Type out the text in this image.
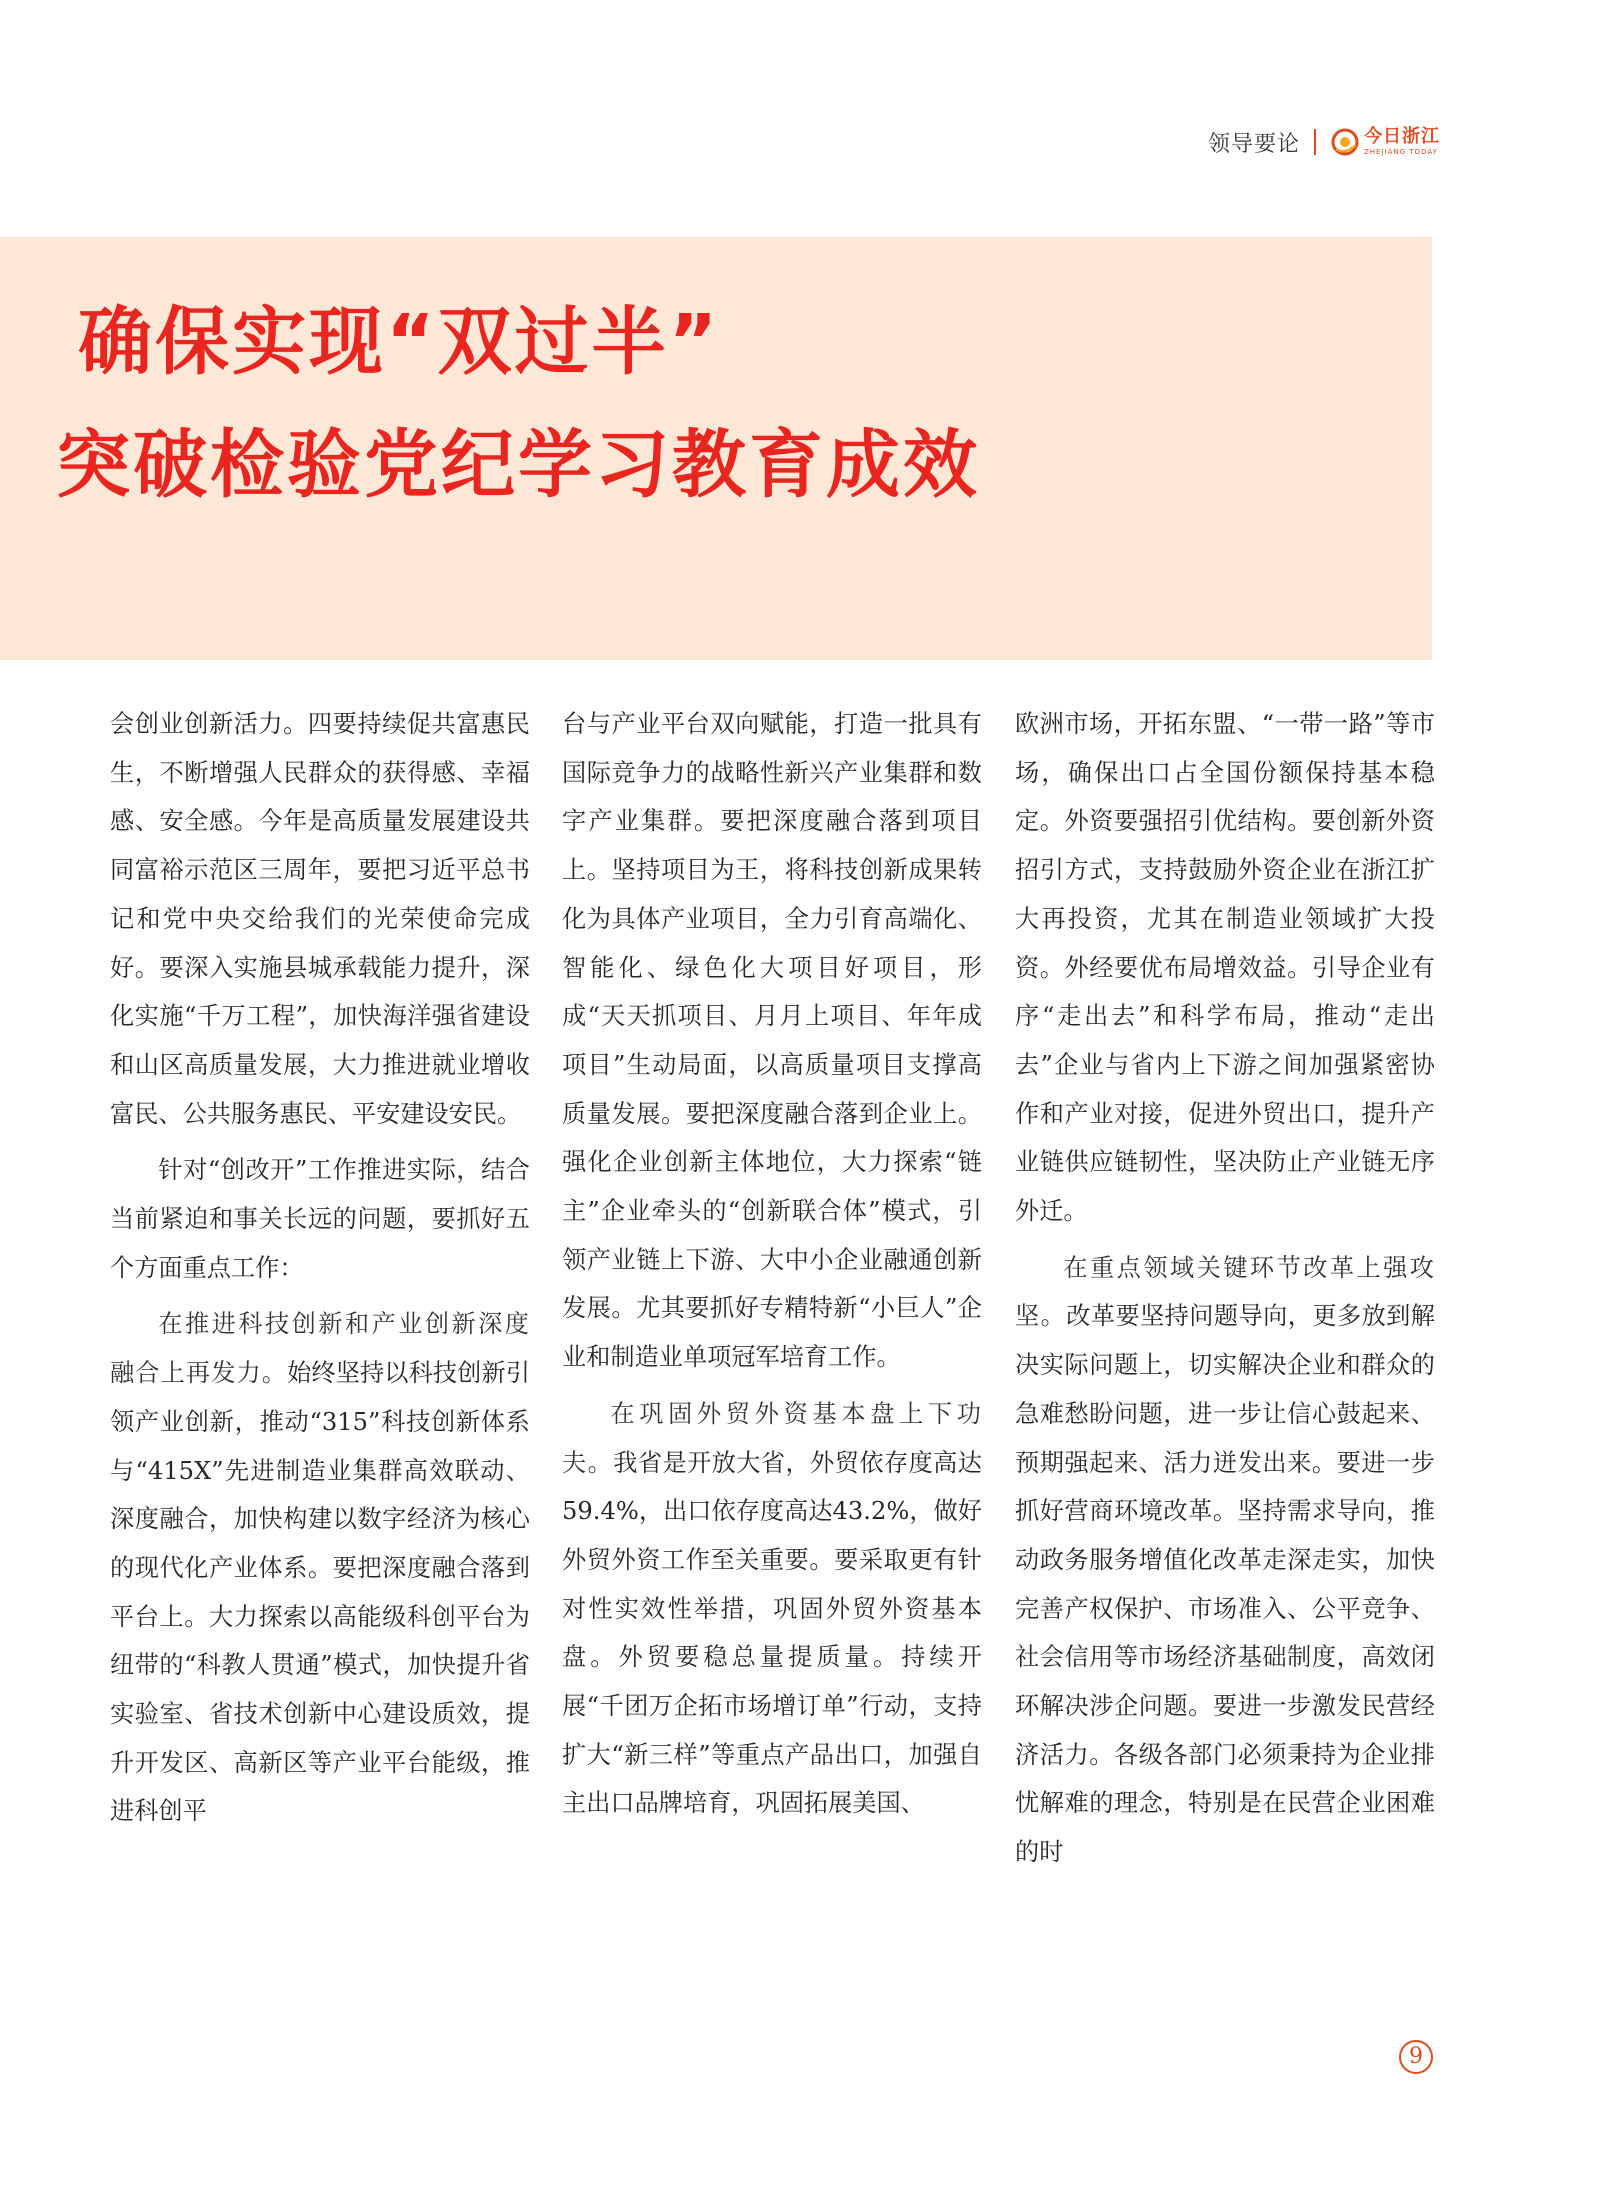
领导要论	今日浙江
ZHEJIANG TODAY
确保实现“双过半”
突破检验党纪学习教育成效

会创业创新活力。四要持续促共富惠民生，不断增强人民群众的获得感、幸福感、安全感。今年是高质量发展建设共同富裕示范区三周年，要把习近平总书记和党中央交给我们的光荣使命完成好。要深入实施县城承载能力提升，深化实施“千万工程”，加快海洋强省建设和山区高质量发展，大力推进就业增收富民、公共服务惠民、平安建设安民。

针对“创改开”工作推进实际，结合当前紧迫和事关长远的问题，要抓好五个方面重点工作：

在推进科技创新和产业创新深度融合上再发力。始终坚持以科技创新引领产业创新，推动“315”科技创新体系与“415X”先进制造业集群高效联动、深度融合，加快构建以数字经济为核心的现代化产业体系。要把深度融合落到平台上。大力探索以高能级科创平台为纽带的“科教人贯通”模式，加快提升省实验室、省技术创新中心建设质效，提升开发区、高新区等产业平台能级，推进科创平

台与产业平台双向赋能，打造一批具有国际竞争力的战略性新兴产业集群和数字产业集群。要把深度融合落到项目上。坚持项目为王，将科技创新成果转化为具体产业项目，全力引育高端化、智能化、绿色化大项目好项目，形成“天天抓项目、月月上项目、年年成项目”生动局面，以高质量项目支撑高质量发展。要把深度融合落到企业上。强化企业创新主体地位，大力探索“链主”企业牵头的“创新联合体”模式，引领产业链上下游、大中小企业融通创新发展。尤其要抓好专精特新“小巨人”企业和制造业单项冠军培育工作。

在巩固外贸外资基本盘上下功夫。我省是开放大省，外贸依存度高达59.4%，出口依存度高达43.2%，做好外贸外资工作至关重要。要采取更有针对性实效性举措，巩固外贸外资基本盘。外贸要稳总量提质量。持续开展“千团万企拓市场增订单”行动，支持扩大“新三样”等重点产品出口，加强自主出口品牌培育，巩固拓展美国、

欧洲市场，开拓东盟、“一带一路”等市场，确保出口占全国份额保持基本稳定。外资要强招引优结构。要创新外资招引方式，支持鼓励外资企业在浙江扩大再投资，尤其在制造业领域扩大投资。外经要优布局增效益。引导企业有序“走出去”和科学布局，推动“走出去”企业与省内上下游之间加强紧密协作和产业对接，促进外贸出口，提升产业链供应链韧性，坚决防止产业链无序外迁。

在重点领域关键环节改革上强攻坚。改革要坚持问题导向，更多放到解决实际问题上，切实解决企业和群众的急难愁盼问题，进一步让信心鼓起来、预期强起来、活力迸发出来。要进一步抓好营商环境改革。坚持需求导向，推动政务服务增值化改革走深走实，加快完善产权保护、市场准入、公平竞争、社会信用等市场经济基础制度，高效闭环解决涉企问题。要进一步激发民营经济活力。各级各部门必须秉持为企业排忧解难的理念，特别是在民营企业困难的时

9
